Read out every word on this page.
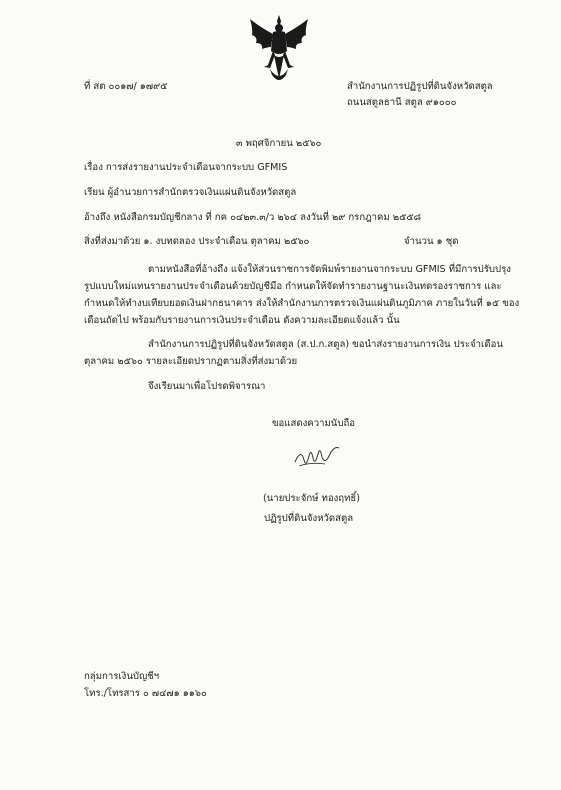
ที่ สต ๐๐๑๗/ ๑๗๙๕	สำนักงานการปฏิรูปที่ดินจังหวัดสตูล
ถนนสตูลธานี สตูล ๙๑๐๐๐
๓ พฤศจิกายน ๒๕๖๐
เรื่อง การส่งรายงานประจำเดือนจากระบบ GFMIS
เรียน ผู้อำนวยการสำนักตรวจเงินแผ่นดินจังหวัดสตูล
อ้างถึง หนังสือกรมบัญชีกลาง ที่ กค ๐๔๒๓.๓/ว ๒๖๔ ลงวันที่ ๒๙ กรกฎาคม ๒๕๕๘
สิ่งที่ส่งมาด้วย ๑. งบทดลอง ประจำเดือน ตุลาคม ๒๕๖๐	จำนวน ๑ ชุด
ตามหนังสือที่อ้างถึง แจ้งให้ส่วนราชการจัดพิมพ์รายงานจากระบบ GFMIS ที่มีการปรับปรุง
รูปแบบใหม่แทนรายงานประจำเดือนด้วยบัญชีมือ กำหนดให้จัดทำรายงานฐานะเงินทดรองราชการ และ
กำหนดให้ทำงบเทียบยอดเงินฝากธนาคาร ส่งให้สำนักงานการตรวจเงินแผ่นดินภูมิภาค ภายในวันที่ ๑๕ ของ
เดือนถัดไป พร้อมกับรายงานการเงินประจำเดือน ดังความละเอียดแจ้งแล้ว นั้น
สำนักงานการปฏิรูปที่ดินจังหวัดสตูล (ส.ป.ก.สตูล) ขอนำส่งรายงานการเงิน ประจำเดือน
ตุลาคม ๒๕๖๐ รายละเอียดปรากฏตามสิ่งที่ส่งมาด้วย
จึงเรียนมาเพื่อโปรดพิจารณา
ขอแสดงความนับถือ
(นายประจักษ์ ทองฤทธิ์)
ปฏิรูปที่ดินจังหวัดสตูล
กลุ่มการเงินบัญชีฯ
โทร./โทรสาร ๐ ๗๔๗๑ ๑๑๖๐
